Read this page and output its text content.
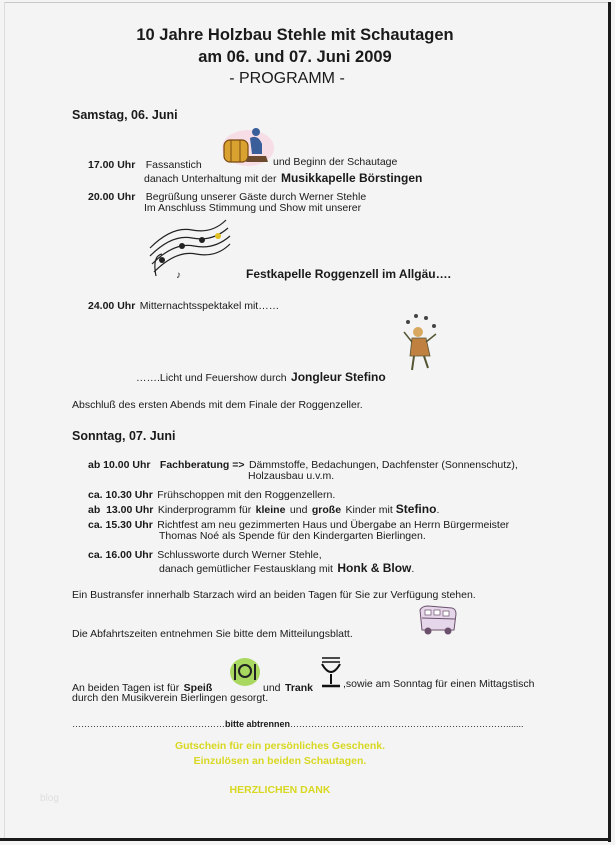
10 Jahre Holzbau Stehle mit Schautagen
am 06. und 07. Juni 2009
- PROGRAMM -
Samstag, 06. Juni
17.00 Uhr Fassanstich	und Beginn der Schautage
danach Unterhaltung mit der Musikkapelle Börstingen
20.00 Uhr Begrüßung unserer Gäste durch Werner Stehle
Im Anschluss Stimmung und Show mit unserer
♪	Festkapelle Roggenzell im Allgäu….
24.00 Uhr Mitternachtsspektakel mit……
…….Licht und Feuershow durch Jongleur Stefino
Abschluß des ersten Abends mit dem Finale der Roggenzeller.
Sonntag, 07. Juni
ab 10.00 Uhr Fachberatung => Dämmstoffe, Bedachungen, Dachfenster (Sonnenschutz),
Holzausbau u.v.m.
ca. 10.30 Uhr Frühschoppen mit den Roggenzellern.
ab  13.00 Uhr Kinderprogramm für kleine und große Kinder mit Stefino.
ca. 15.30 Uhr Richtfest am neu gezimmerten Haus und Übergabe an Herrn Bürgermeister
Thomas Noé als Spende für den Kindergarten Bierlingen.
ca. 16.00 Uhr Schlussworte durch Werner Stehle,
danach gemütlicher Festausklang mit Honk & Blow.
Ein Bustransfer innerhalb Starzach wird an beiden Tagen für Sie zur Verfügung stehen.
Die Abfahrtszeiten entnehmen Sie bitte dem Mitteilungsblatt.
An beiden Tagen ist für Speiß	und Trank	,sowie am Sonntag für einen Mittagstisch
durch den Musikverein Bierlingen gesorgt.
……………………………………………bitte abtrennen……………………………………………………………….......
Gutschein für ein persönliches Geschenk.
Einzulösen an beiden Schautagen.
HERZLICHEN DANK
blog
